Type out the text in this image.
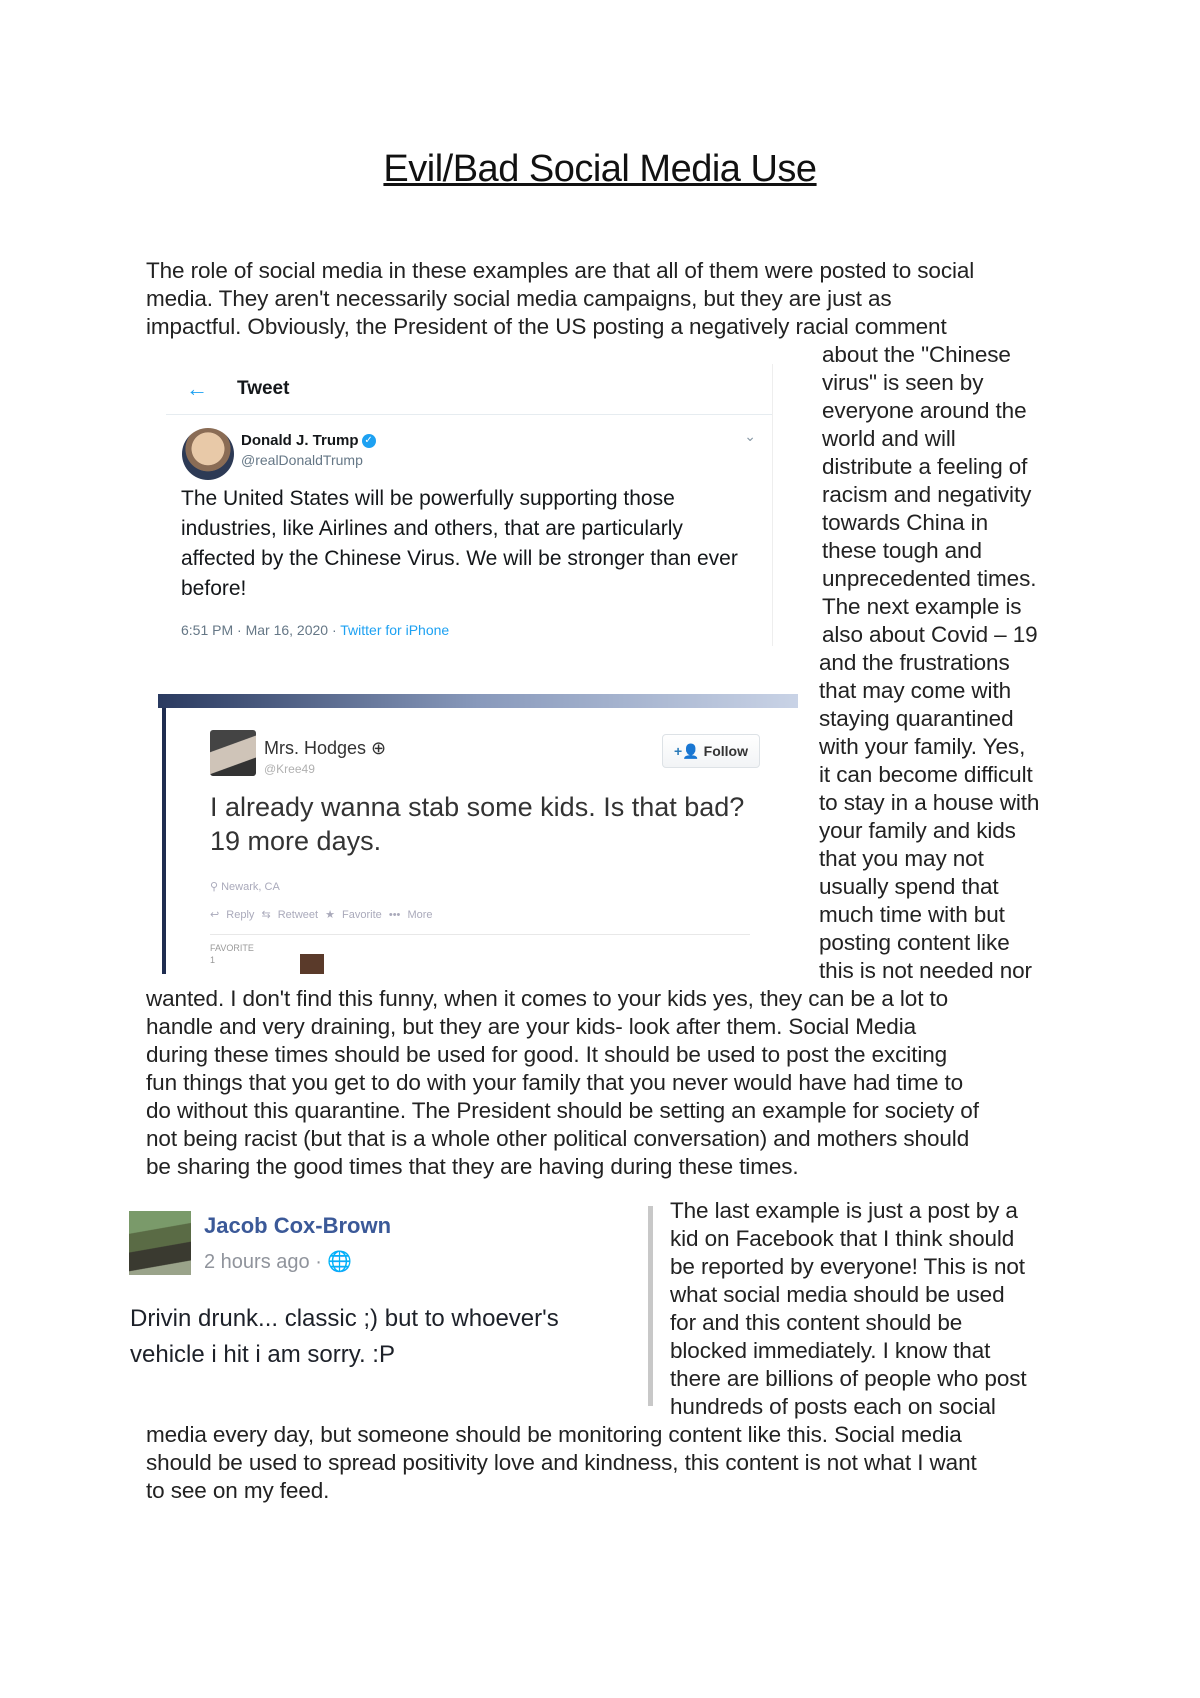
Evil/Bad Social Media Use

The role of social media in these examples are that all of them were posted to social
media. They aren't necessarily social media campaigns, but they are just as
impactful. Obviously, the President of the US posting a negatively racial comment

about the "Chinese
virus" is seen by
everyone around the
world and will
distribute a feeling of
racism and negativity
towards China in
these tough and
unprecedented times.
The next example is
also about Covid – 19

and the frustrations
that may come with
staying quarantined
with your family. Yes,
it can become difficult
to stay in a house with
your family and kids
that you may not
usually spend that
much time with but
posting content like
this is not needed nor

wanted. I don't find this funny, when it comes to your kids yes, they can be a lot to
handle and very draining, but they are your kids- look after them. Social Media
during these times should be used for good. It should be used to post the exciting
fun things that you get to do with your family that you never would have had time to
do without this quarantine. The President should be setting an example for society of
not being racist (but that is a whole other political conversation) and mothers should
be sharing the good times that they are having during these times.

The last example is just a post by a
kid on Facebook that I think should
be reported by everyone! This is not
what social media should be used
for and this content should be
blocked immediately. I know that
there are billions of people who post
hundreds of posts each on social

media every day, but someone should be monitoring content like this. Social media
should be used to spread positivity love and kindness, this content is not what I want
to see on my feed.

← Tweet
Donald J. Trump ✓
@realDonaldTrump
⌄
The United States will be powerfully supporting those industries, like Airlines and others, that are particularly affected by the Chinese Virus. We will be stronger than ever before!
6:51 PM · Mar 16, 2020 · Twitter for iPhone
Mrs. Hodges ⊕
@Kree49
+👤 Follow
I already wanna stab some kids. Is that bad? 19 more days.
⚲ Newark, CA
↩ Reply ⇆ Retweet ★ Favorite ••• More
FAVORITE
1
Jacob Cox-Brown
2 hours ago · 🌐
Drivin drunk... classic ;) but to whoever's vehicle i hit i am sorry. :P
